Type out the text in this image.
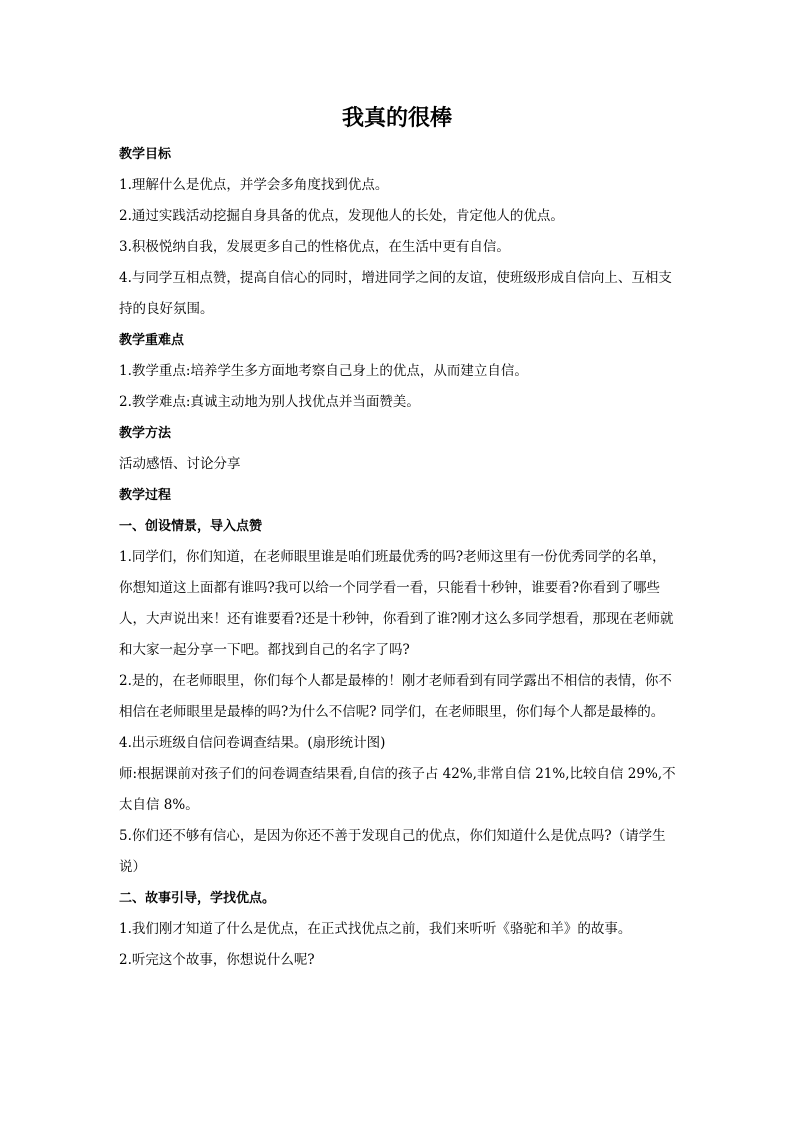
我真的很棒
教学目标
1.理解什么是优点，并学会多角度找到优点。
2.通过实践活动挖掘自身具备的优点，发现他人的长处，肯定他人的优点。
3.积极悦纳自我，发展更多自己的性格优点，在生活中更有自信。
4.与同学互相点赞，提高自信心的同时，增进同学之间的友谊，使班级形成自信向上、互相支持的良好氛围。
教学重难点
1.教学重点:培养学生多方面地考察自己身上的优点，从而建立自信。
2.教学难点:真诚主动地为别人找优点并当面赞美。
教学方法
活动感悟、讨论分享
教学过程
一、创设情景，导入点赞
1.同学们，你们知道，在老师眼里谁是咱们班最优秀的吗?老师这里有一份优秀同学的名单，你想知道这上面都有谁吗?我可以给一个同学看一看，只能看十秒钟，谁要看?你看到了哪些人，大声说出来！还有谁要看?还是十秒钟，你看到了谁?刚才这么多同学想看，那现在老师就和大家一起分享一下吧。都找到自己的名字了吗?
2.是的，在老师眼里，你们每个人都是最棒的！刚才老师看到有同学露出不相信的表情，你不相信在老师眼里是最棒的吗?为什么不信呢? 同学们，在老师眼里，你们每个人都是最棒的。
4.出示班级自信问卷调查结果。(扇形统计图)
师:根据课前对孩子们的问卷调查结果看,自信的孩子占 42%,非常自信 21%,比较自信 29%,不太自信 8%。
5.你们还不够有信心，是因为你还不善于发现自己的优点，你们知道什么是优点吗?（请学生说）
二、故事引导，学找优点。
1.我们刚才知道了什么是优点，在正式找优点之前，我们来听听《骆驼和羊》的故事。
2.听完这个故事，你想说什么呢?
